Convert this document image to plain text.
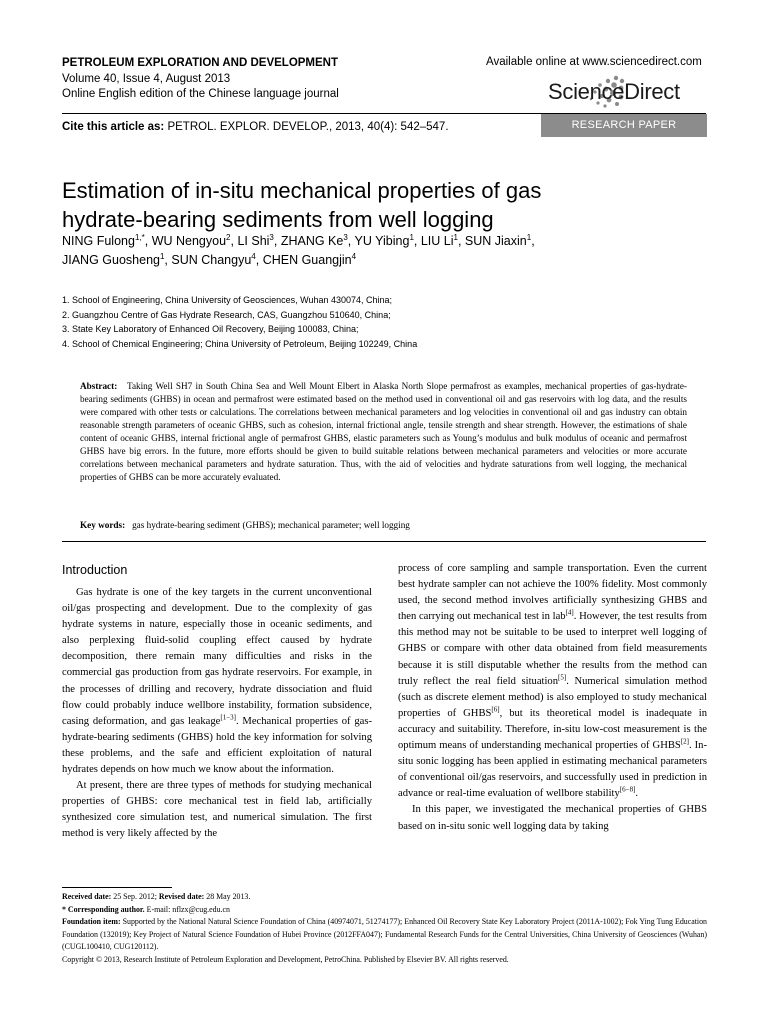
PETROLEUM EXPLORATION AND DEVELOPMENT
Volume 40, Issue 4, August 2013
Online English edition of the Chinese language journal
Available online at www.sciencedirect.com
ScienceDirect
Cite this article as: PETROL. EXPLOR. DEVELOP., 2013, 40(4): 542–547.	RESEARCH PAPER
Estimation of in-situ mechanical properties of gas
hydrate-bearing sediments from well logging
NING Fulong$^{1,*}$, WU Nengyou$^2$, LI Shi$^3$, ZHANG Ke$^3$, YU Yibing$^1$, LIU Li$^1$, SUN Jiaxin$^1$,
JIANG Guosheng$^1$, SUN Changyu$^4$, CHEN Guangjin$^4$
1. School of Engineering, China University of Geosciences, Wuhan 430074, China;
2. Guangzhou Centre of Gas Hydrate Research, CAS, Guangzhou 510640, China;
3. State Key Laboratory of Enhanced Oil Recovery, Beijing 100083, China;
4. School of Chemical Engineering; China University of Petroleum, Beijing 102249, China
Abstract: Taking Well SH7 in South China Sea and Well Mount Elbert in Alaska North Slope permafrost as examples, mechanical properties of gas-hydrate-bearing sediments (GHBS) in ocean and permafrost were estimated based on the method used in conventional oil and gas reservoirs with log data, and the results were compared with other tests or calculations. The correlations between mechanical parameters and log velocities in conventional oil and gas industry can obtain reasonable strength parameters of oceanic GHBS, such as cohesion, internal frictional angle, tensile strength and shear strength. However, the estimations of shale content of oceanic GHBS, internal frictional angle of permafrost GHBS, elastic parameters such as Young’s modulus and bulk modulus of oceanic and permafrost GHBS have big errors. In the future, more efforts should be given to build suitable relations between mechanical parameters and velocities or more accurate correlations between mechanical parameters and hydrate saturation. Thus, with the aid of velocities and hydrate saturations from well logging, the mechanical properties of GHBS can be more accurately evaluated.
Key words: gas hydrate-bearing sediment (GHBS); mechanical parameter; well logging
Introduction

Gas hydrate is one of the key targets in the current unconventional oil/gas prospecting and development. Due to the complexity of gas hydrate systems in nature, especially those in oceanic sediments, and also perplexing fluid-solid coupling effect caused by hydrate decomposition, there remain many difficulties and risks in the commercial gas production from gas hydrate reservoirs. For example, in the processes of drilling and recovery, hydrate dissociation and fluid flow could probably induce wellbore instability, formation subsidence, casing deformation, and gas leakage[1−3]. Mechanical properties of gas-hydrate-bearing sediments (GHBS) hold the key information for solving these problems, and the safe and efficient exploitation of natural hydrates depends on how much we know about the information.

At present, there are three types of methods for studying mechanical properties of GHBS: core mechanical test in field lab, artificially synthesized core simulation test, and numerical simulation. The first method is very likely affected by the

process of core sampling and sample transportation. Even the current best hydrate sampler can not achieve the 100% fidelity. Most commonly used, the second method involves artificially synthesizing GHBS and then carrying out mechanical test in lab[4]. However, the test results from this method may not be suitable to be used to interpret well logging of GHBS or compare with other data obtained from field measurements because it is still disputable whether the results from the method can truly reflect the real field situation[5]. Numerical simulation method (such as discrete element method) is also employed to study mechanical properties of GHBS[6], but its theoretical model is inadequate in accuracy and suitability. Therefore, in-situ low-cost measurement is the optimum means of understanding mechanical properties of GHBS[2]. In-situ sonic logging has been applied in estimating mechanical parameters of conventional oil/gas reservoirs, and successfully used in prediction in advance or real-time evaluation of wellbore stability[6−8].

In this paper, we investigated the mechanical properties of GHBS based on in-situ sonic well logging data by taking

Received date: 25 Sep. 2012; Revised date: 28 May 2013.

* Corresponding author. E-mail: nflzx@cug.edu.cn

Foundation item: Supported by the National Natural Science Foundation of China (40974071, 51274177); Enhanced Oil Recovery State Key Laboratory Project (2011A-1002); Fok Ying Tung Education Foundation (132019); Key Project of Natural Science Foundation of Hubei Province (2012FFA047); Fundamental Research Funds for the Central Universities, China University of Geosciences (Wuhan) (CUGL100410, CUG120112).

Copyright © 2013, Research Institute of Petroleum Exploration and Development, PetroChina. Published by Elsevier BV. All rights reserved.
